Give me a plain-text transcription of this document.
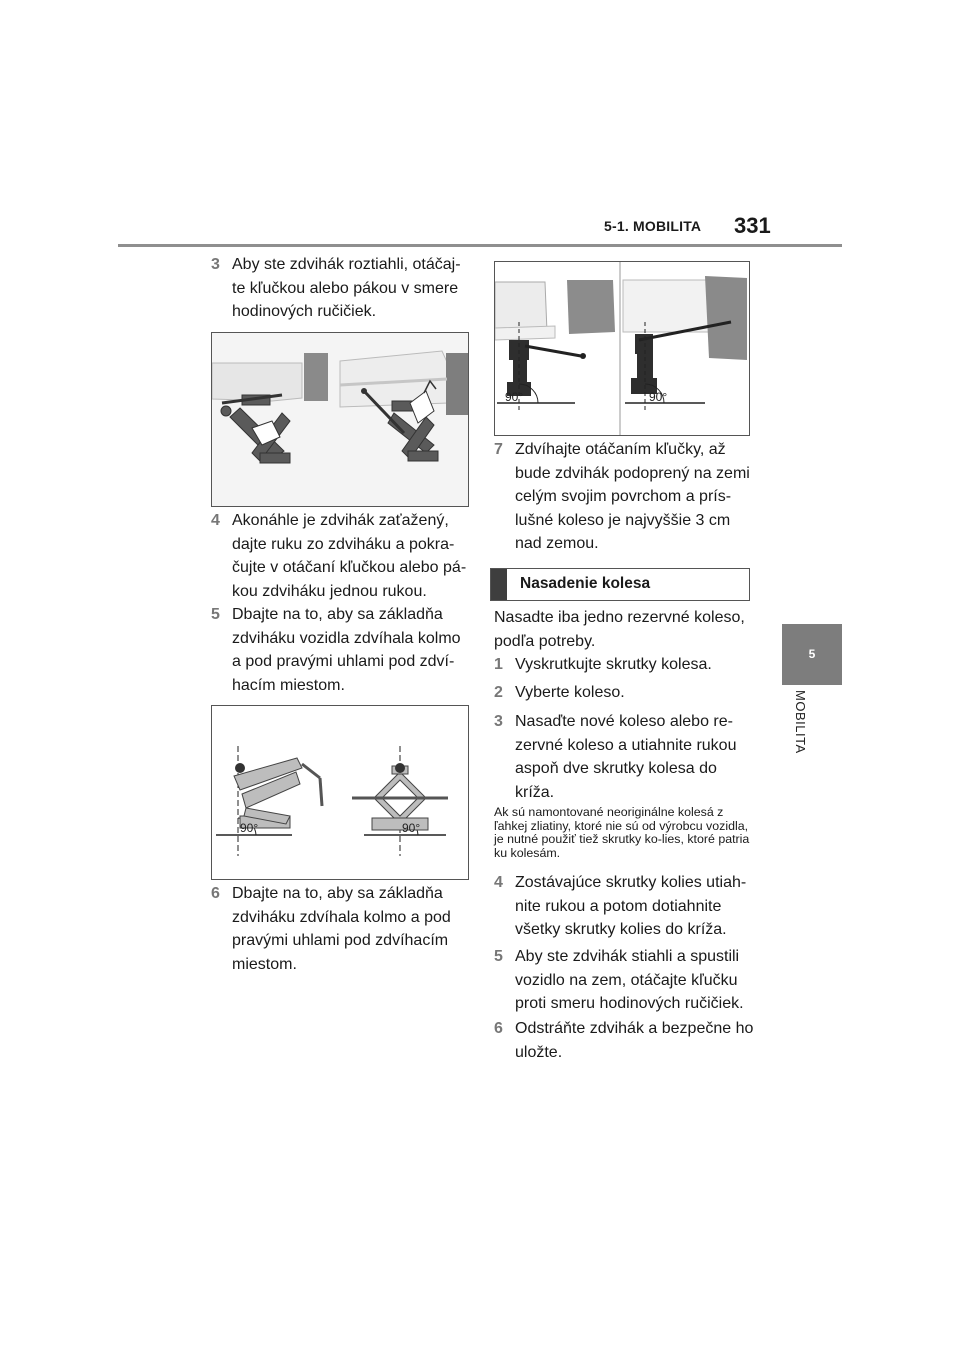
5-1. MOBILITA 331
5
MOBILITA
3 Aby ste zdvihák roztiahli, otáčaj-te kľučkou alebo pákou v smere hodinových ručičiek.
4 Akonáhle je zdvihák zaťažený, dajte ruku zo zdviháku a pokra-čujte v otáčaní kľučkou alebo pá-kou zdviháku jednou rukou.
5 Dbajte na to, aby sa základňa zdviháku vozidla zdvíhala kolmo a pod pravými uhlami pod zdví-hacím miestom.
90°	90°
6 Dbajte na to, aby sa základňa zdviháku zdvíhala kolmo a pod pravými uhlami pod zdvíhacím miestom.
90°	90°
7 Zdvíhajte otáčaním kľučky, až bude zdvihák podoprený na zemi celým svojim povrchom a prís-lušné koleso je najvyššie 3 cm nad zemou.
Nasadenie kolesa
Nasadte iba jedno rezervné koleso, podľa potreby.
1 Vyskrutkujte skrutky kolesa.
2 Vyberte koleso.
3 Nasaďte nové koleso alebo re-zervné koleso a utiahnite rukou aspoň dve skrutky kolesa do kríža.
Ak sú namontované neoriginálne kolesá z ľahkej zliatiny, ktoré nie sú od výrobcu vozidla, je nutné použiť tiež skrutky ko-lies, ktoré patria ku kolesám.
4 Zostávajúce skrutky kolies utiah-nite rukou a potom dotiahnite všetky skrutky kolies do kríža.
5 Aby ste zdvihák stiahli a spustili vozidlo na zem, otáčajte kľučku proti smeru hodinových ručičiek.
6 Odstráňte zdvihák a bezpečne ho uložte.
